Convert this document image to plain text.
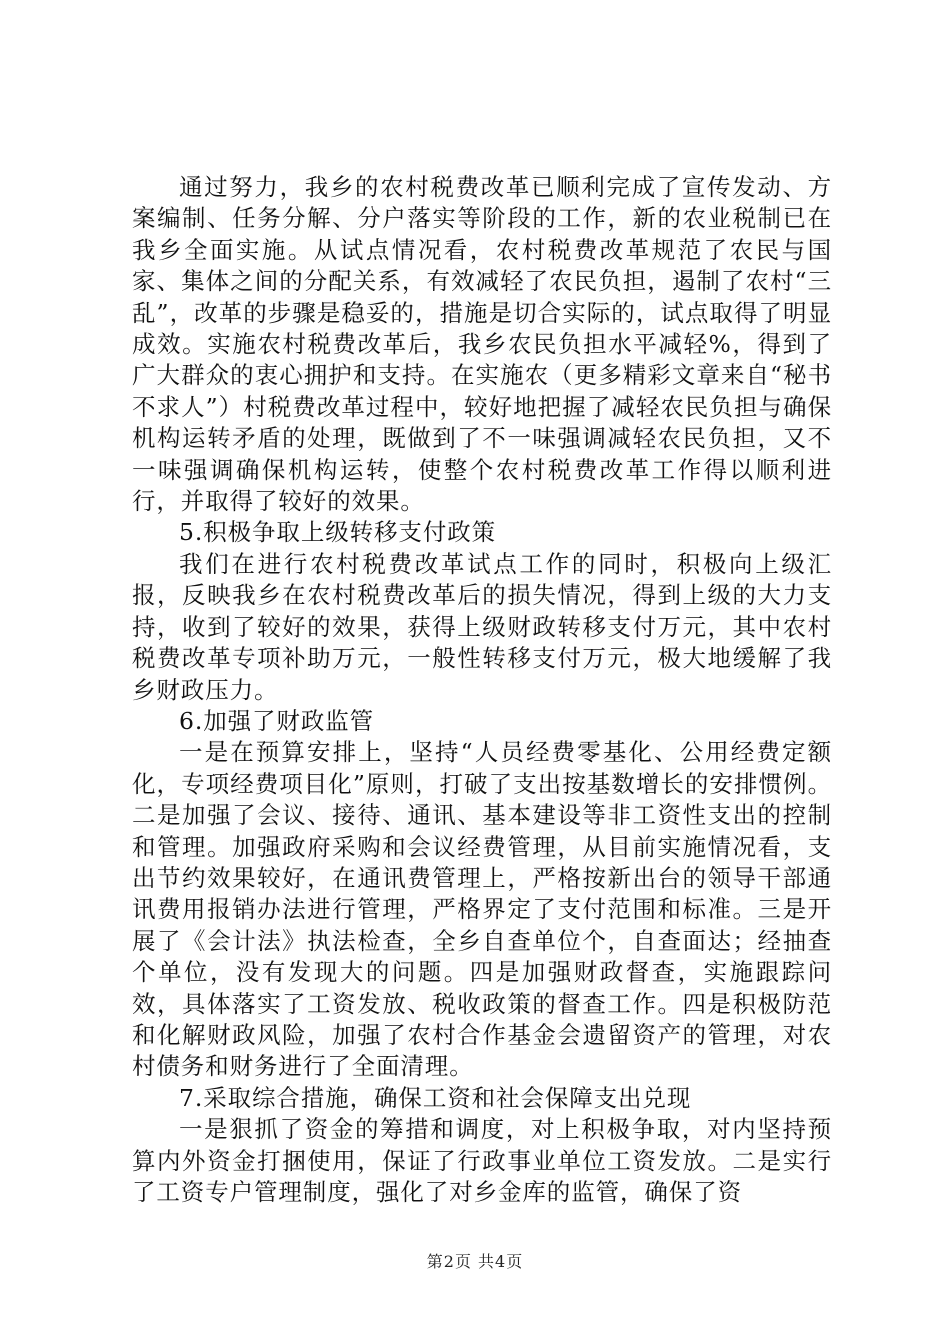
通过努力，我乡的农村税费改革已顺利完成了宣传发动、方案编制、任务分解、分户落实等阶段的工作，新的农业税制已在我乡全面实施。从试点情况看，农村税费改革规范了农民与国家、集体之间的分配关系，有效减轻了农民负担，遏制了农村“三乱”，改革的步骤是稳妥的，措施是切合实际的，试点取得了明显成效。实施农村税费改革后，我乡农民负担水平减轻%，得到了广大群众的衷心拥护和支持。在实施农（更多精彩文章来自“秘书不求人”）村税费改革过程中，较好地把握了减轻农民负担与确保机构运转矛盾的处理，既做到了不一味强调减轻农民负担，又不一味强调确保机构运转，使整个农村税费改革工作得以顺利进行，并取得了较好的效果。

5.积极争取上级转移支付政策

我们在进行农村税费改革试点工作的同时，积极向上级汇报，反映我乡在农村税费改革后的损失情况，得到上级的大力支持，收到了较好的效果，获得上级财政转移支付万元，其中农村税费改革专项补助万元，一般性转移支付万元，极大地缓解了我乡财政压力。

6.加强了财政监管

一是在预算安排上，坚持“人员经费零基化、公用经费定额化，专项经费项目化”原则，打破了支出按基数增长的安排惯例。二是加强了会议、接待、通讯、基本建设等非工资性支出的控制和管理。加强政府采购和会议经费管理，从目前实施情况看，支出节约效果较好，在通讯费管理上，严格按新出台的领导干部通讯费用报销办法进行管理，严格界定了支付范围和标准。三是开展了《会计法》执法检查，全乡自查单位个，自查面达；经抽查个单位，没有发现大的问题。四是加强财政督查，实施跟踪问效，具体落实了工资发放、税收政策的督查工作。四是积极防范和化解财政风险，加强了农村合作基金会遗留资产的管理，对农村债务和财务进行了全面清理。

7.采取综合措施，确保工资和社会保障支出兑现

一是狠抓了资金的筹措和调度，对上积极争取，对内坚持预算内外资金打捆使用，保证了行政事业单位工资发放。二是实行了工资专户管理制度，强化了对乡金库的监管，确保了资

第2页 共4页
